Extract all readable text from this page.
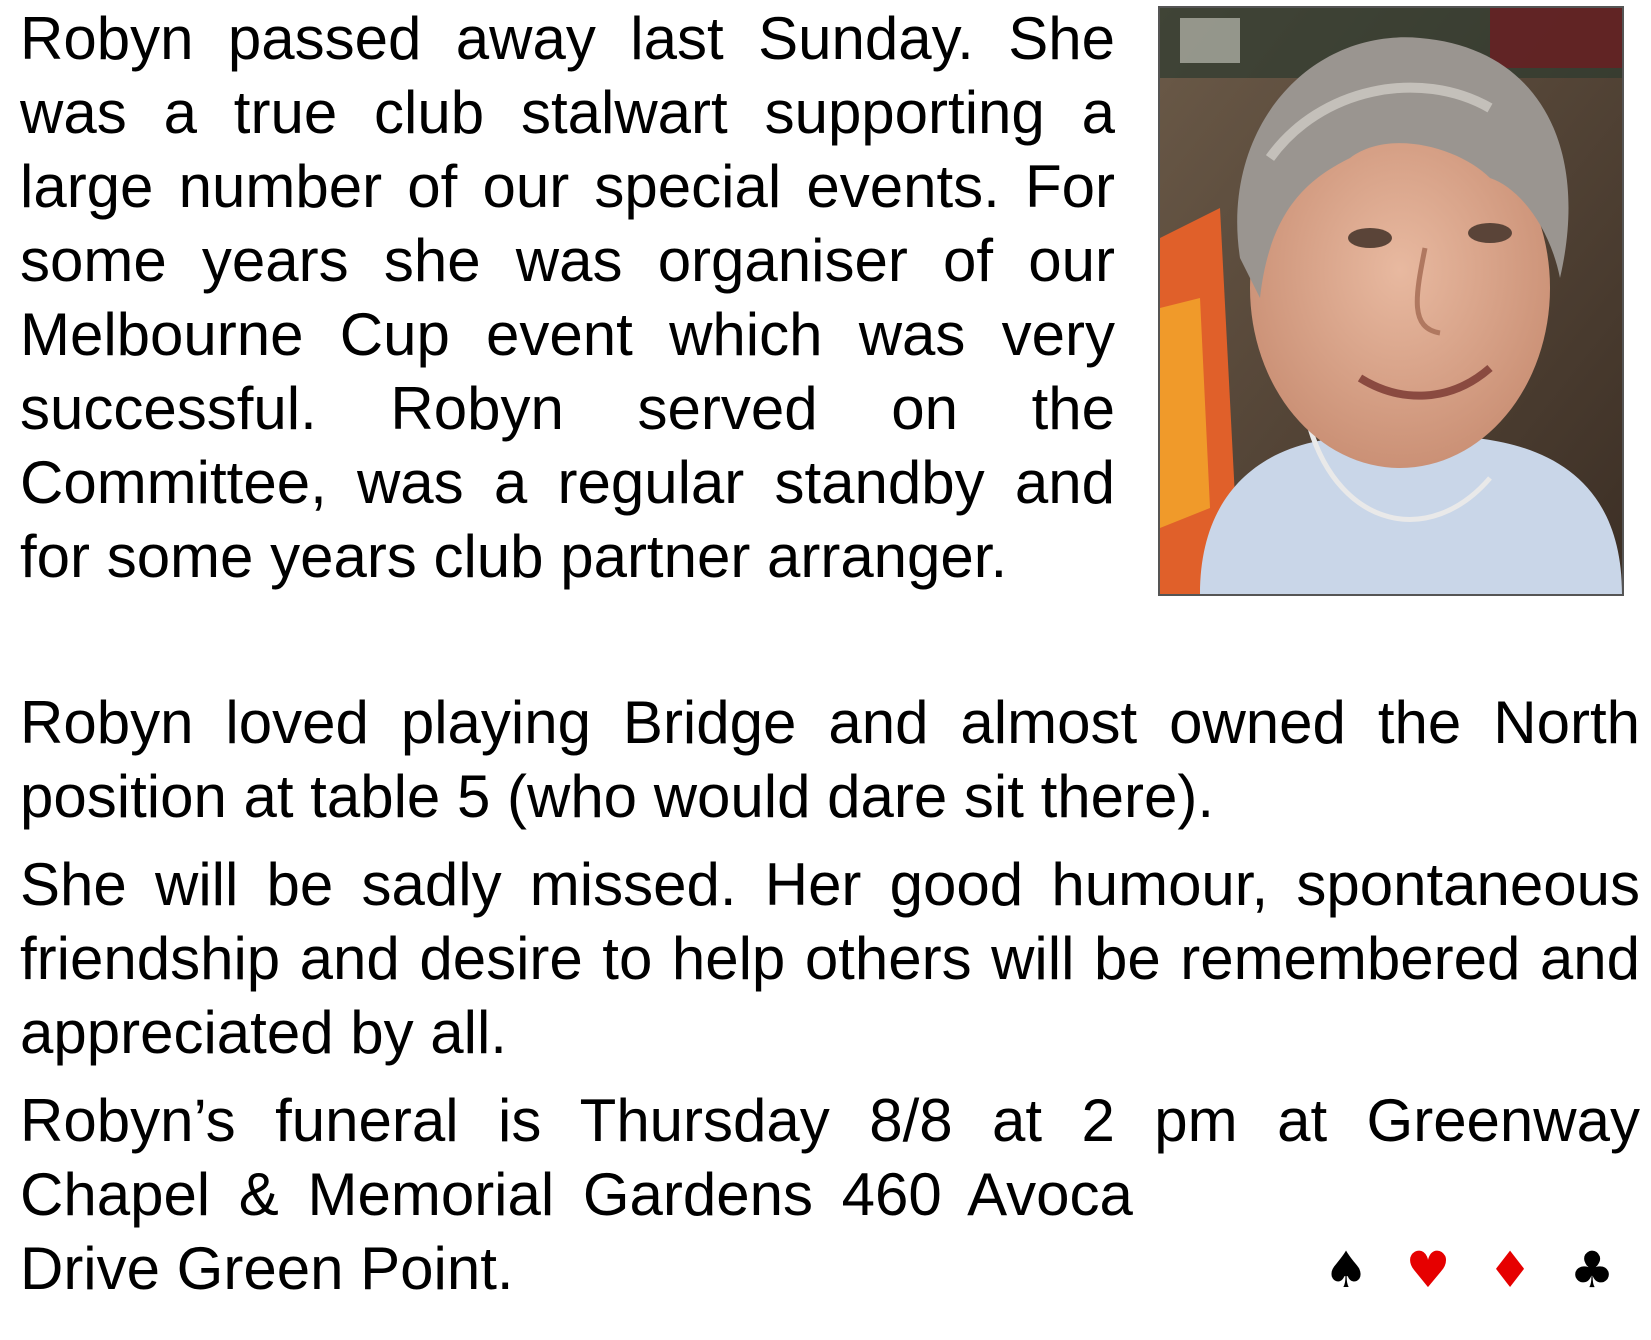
Robyn passed away last Sunday. She was a true club stalwart supporting a large number of our special events. For some years she was organiser of our Melbourne Cup event which was very successful. Robyn served on the Committee, was a regular standby and for some years club partner arranger.

Robyn loved playing Bridge and almost owned the North position at table 5 (who would dare sit there).

She will be sadly missed. Her good humour, spontaneous friendship and desire to help others will be remembered and appreciated by all.

Robyn’s funeral is Thursday 8/8 at 2 pm at Greenway
Chapel & Memorial Gardens 460 Avoca
Drive Green Point.	♠ ♥ ♦ ♣
